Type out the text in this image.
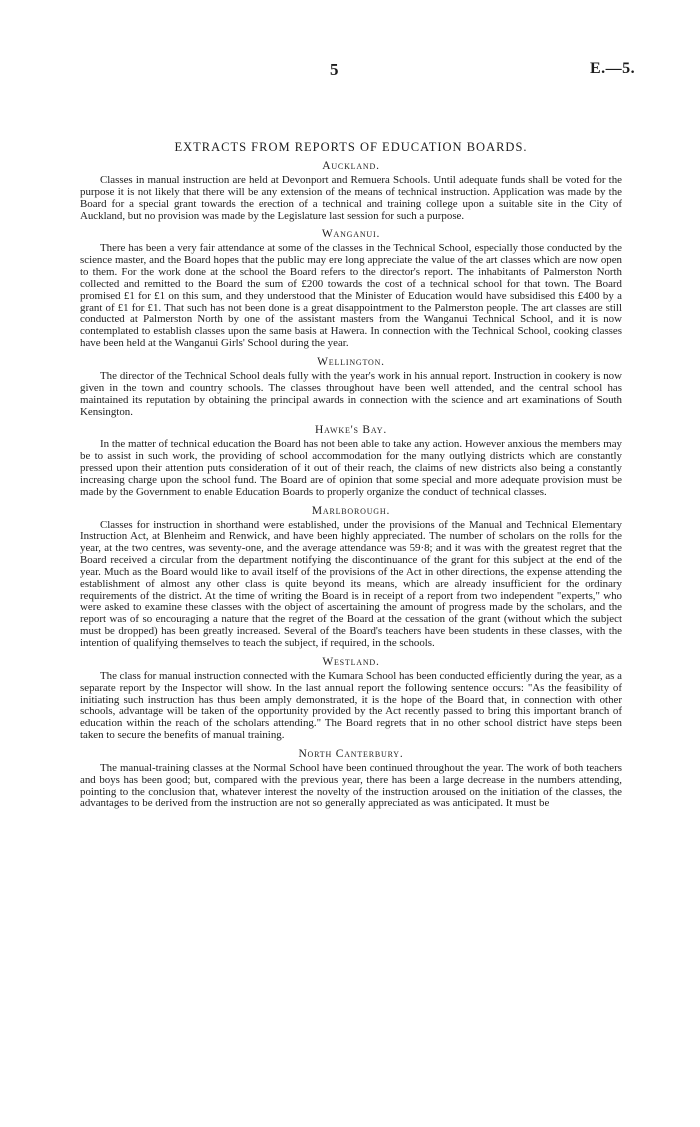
5	E.—5.
EXTRACTS FROM REPORTS OF EDUCATION BOARDS.
Auckland.

Classes in manual instruction are held at Devonport and Remuera Schools. Until adequate funds shall be voted for the purpose it is not likely that there will be any extension of the means of technical instruction. Application was made by the Board for a special grant towards the erection of a technical and training college upon a suitable site in the City of Auckland, but no provision was made by the Legislature last session for such a purpose.

Wanganui.

There has been a very fair attendance at some of the classes in the Technical School, especially those conducted by the science master, and the Board hopes that the public may ere long appreciate the value of the art classes which are now open to them. For the work done at the school the Board refers to the director's report. The inhabitants of Palmerston North collected and remitted to the Board the sum of £200 towards the cost of a technical school for that town. The Board promised £1 for £1 on this sum, and they understood that the Minister of Education would have subsidised this £400 by a grant of £1 for £1. That such has not been done is a great disappointment to the Palmerston people. The art classes are still conducted at Palmerston North by one of the assistant masters from the Wanganui Technical School, and it is now contemplated to establish classes upon the same basis at Hawera. In connection with the Technical School, cooking classes have been held at the Wanganui Girls' School during the year.

Wellington.

The director of the Technical School deals fully with the year's work in his annual report. Instruction in cookery is now given in the town and country schools. The classes throughout have been well attended, and the central school has maintained its reputation by obtaining the principal awards in connection with the science and art examinations of South Kensington.

Hawke's Bay.

In the matter of technical education the Board has not been able to take any action. However anxious the members may be to assist in such work, the providing of school accommodation for the many outlying districts which are constantly pressed upon their attention puts consideration of it out of their reach, the claims of new districts also being a constantly increasing charge upon the school fund. The Board are of opinion that some special and more adequate provision must be made by the Government to enable Education Boards to properly organize the conduct of technical classes.

Marlborough.

Classes for instruction in shorthand were established, under the provisions of the Manual and Technical Elementary Instruction Act, at Blenheim and Renwick, and have been highly appreciated. The number of scholars on the rolls for the year, at the two centres, was seventy-one, and the average attendance was 59·8; and it was with the greatest regret that the Board received a circular from the department notifying the discontinuance of the grant for this subject at the end of the year. Much as the Board would like to avail itself of the provisions of the Act in other directions, the expense attending the establishment of almost any other class is quite beyond its means, which are already insufficient for the ordinary requirements of the district. At the time of writing the Board is in receipt of a report from two independent "experts," who were asked to examine these classes with the object of ascertaining the amount of progress made by the scholars, and the report was of so encouraging a nature that the regret of the Board at the cessation of the grant (without which the subject must be dropped) has been greatly increased. Several of the Board's teachers have been students in these classes, with the intention of qualifying themselves to teach the subject, if required, in the schools.

Westland.

The class for manual instruction connected with the Kumara School has been conducted efficiently during the year, as a separate report by the Inspector will show. In the last annual report the following sentence occurs: "As the feasibility of initiating such instruction has thus been amply demonstrated, it is the hope of the Board that, in connection with other schools, advantage will be taken of the opportunity provided by the Act recently passed to bring this important branch of education within the reach of the scholars attending." The Board regrets that in no other school district have steps been taken to secure the benefits of manual training.

North Canterbury.

The manual-training classes at the Normal School have been continued throughout the year. The work of both teachers and boys has been good; but, compared with the previous year, there has been a large decrease in the numbers attending, pointing to the conclusion that, whatever interest the novelty of the instruction aroused on the initiation of the classes, the advantages to be derived from the instruction are not so generally appreciated as was anticipated. It must be
